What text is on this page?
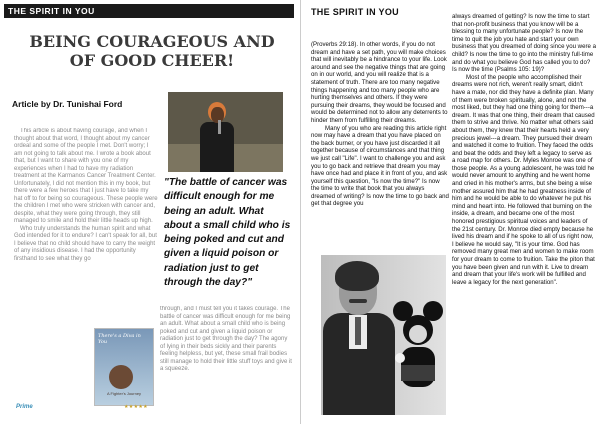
THE SPIRIT IN YOU
BEING COURAGEOUS AND
OF GOOD CHEER!
Article by Dr. Tunishai Ford

This article is about having courage, and when I thought about that word, I thought about my cancer ordeal and some of the people I met. Don't worry; I am not going to talk about me. I wrote a book about that, but I want to share with you one of my experiences when I had to have my radiation treatment at the Karmanos Cancer Treatment Center. Unfortunately, I did not mention this in my book, but there were a few heroes that I just have to take my hat off to for being so courageous. These people were the children I met who were stricken with cancer and, despite, what they were going through, they still managed to smile and hold their little heads up high.

Who truly understands the human spirit and what God intended for it to endure? I can't speak for all, but I believe that no child should have to carry the weight of any insidious disease. I had the opportunity firsthand to see what they go

"The battle of cancer was difficult enough for me being an adult. What about a small child who is being poked and cut and given a liquid poison or radiation just to get through the day?"
There's a Diva in You
A Fighter's Journey
Prime	★★★★★

through, and I must tell you it takes courage. The battle of cancer was difficult enough for me being an adult. What about a small child who is being poked and cut and given a liquid poison or radiation just to get through the day? The agony of lying in their beds sickly and their parents feeling helpless, but yet, these small frail bodies still manage to hold their little stuff toys and give it a squeeze.

THE SPIRIT IN YOU

(Proverbs 29:18). In other words, if you do not dream and have a set path, you will make choices that will inevitably be a hindrance to your life. Look around and see the negative things that are going on in our world, and you will realize that is a statement of truth. There are too many negative things happening and too many people who are hurting themselves and others. If they were pursuing their dreams, they would be focused and would be determined not to allow any deterrents to hinder them from fulfilling their dreams.

Many of you who are reading this article right now may have a dream that you have placed on the back burner, or you have just discarded it all together because of circumstances and that thing we just call "Life". I want to challenge you and ask you to go back and retrieve that dream you may have once had and place it in front of you, and ask yourself this question, "Is now the time?" Is now the time to write that book that you always dreamed of writing? Is now the time to go back and get that degree you

always dreamed of getting? Is now the time to start that non-profit business that you know will be a blessing to many unfortunate people? Is now the time to quit the job you hate and start your own business that you dreamed of doing since you were a child? Is now the time to go into the ministry full-time and do what you believe God has called you to do? Is now the time (Psalms 105: 19)?

Most of the people who accomplished their dreams were not rich, weren't really smart, didn't have a mate, nor did they have a definite plan. Many of them were broken spiritually, alone, and not the most liked, but they had one thing going for them---a dream. It was that one thing, their dream that caused them to strive and thrive. No matter what others said about them, they knew that their hearts held a very precious jewel---a dream. They pursued their dream and watched it come to fruition. They faced the odds and beat the odds and they left a legacy to serve as a road map for others. Dr. Myles Monroe was one of those people. As a young adolescent, he was told he would never amount to anything and he went home and cried in his mother's arms, but she being a wise mother assured him that he had greatness inside of him and he would be able to do whatever he put his mind and heart into. He followed that burning on the inside, a dream, and became one of the most honored prestigious spiritual voices and leaders of the 21st century. Dr. Monroe died empty because he lived his dream and if he spoke to all of us right now, I believe he would say, "It is your time. God has removed many great men and women to make room for your dream to come to fruition. Take the piton that you have been given and run with it. Live to dream and dream that your life's work will be fulfilled and leave a legacy for the next generation".
